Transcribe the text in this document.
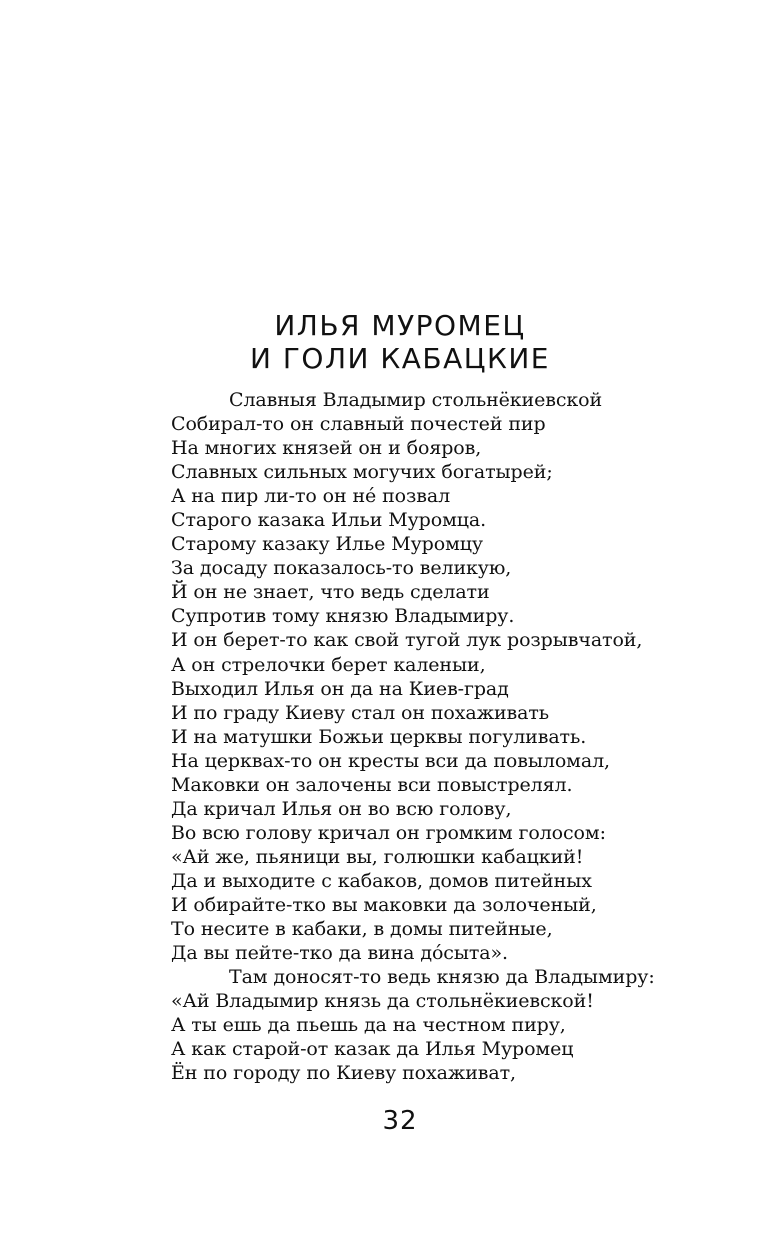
ИЛЬЯ МУРОМЕЦ
И ГОЛИ КАБАЦКИЕ
Славныя Владымир стольнёкиевской
Собирал-то он славный почестей пир
На многих князей он и бояров,
Славных сильных могучих богатырей;
А на пир ли-то он не́ позвал
Старого казака Ильи Муромца.
Старому казаку Илье Муромцу
За досаду показалось-то великую,
Й он не знает, что ведь сделати
Супротив тому князю Владымиру.
И он берет-то как свой тугой лук розрывчатой,
А он стрелочки берет каленыи,
Выходил Илья он да на Киев-град
И по граду Киеву стал он похаживать
И на матушки Божьи церквы погуливать.
На церквах-то он кресты вси да повыломал,
Маковки он залочены вси повыстрелял.
Да кричал Илья он во всю голову,
Во всю голову кричал он громким голосом:
«Ай же, пьяници вы, голюшки кабацкий!
Да и выходите с кабаков, домов питейных
И обирайте-тко вы маковки да золоченый,
То несите в кабаки, в домы питейные,
Да вы пейте-тко да вина до́сыта».
Там доносят-то ведь князю да Владымиру:
«Ай Владымир князь да стольнёкиевской!
А ты ешь да пьешь да на честном пиру,
А как старой-от казак да Илья Муромец
Ён по городу по Киеву похаживат,
32
